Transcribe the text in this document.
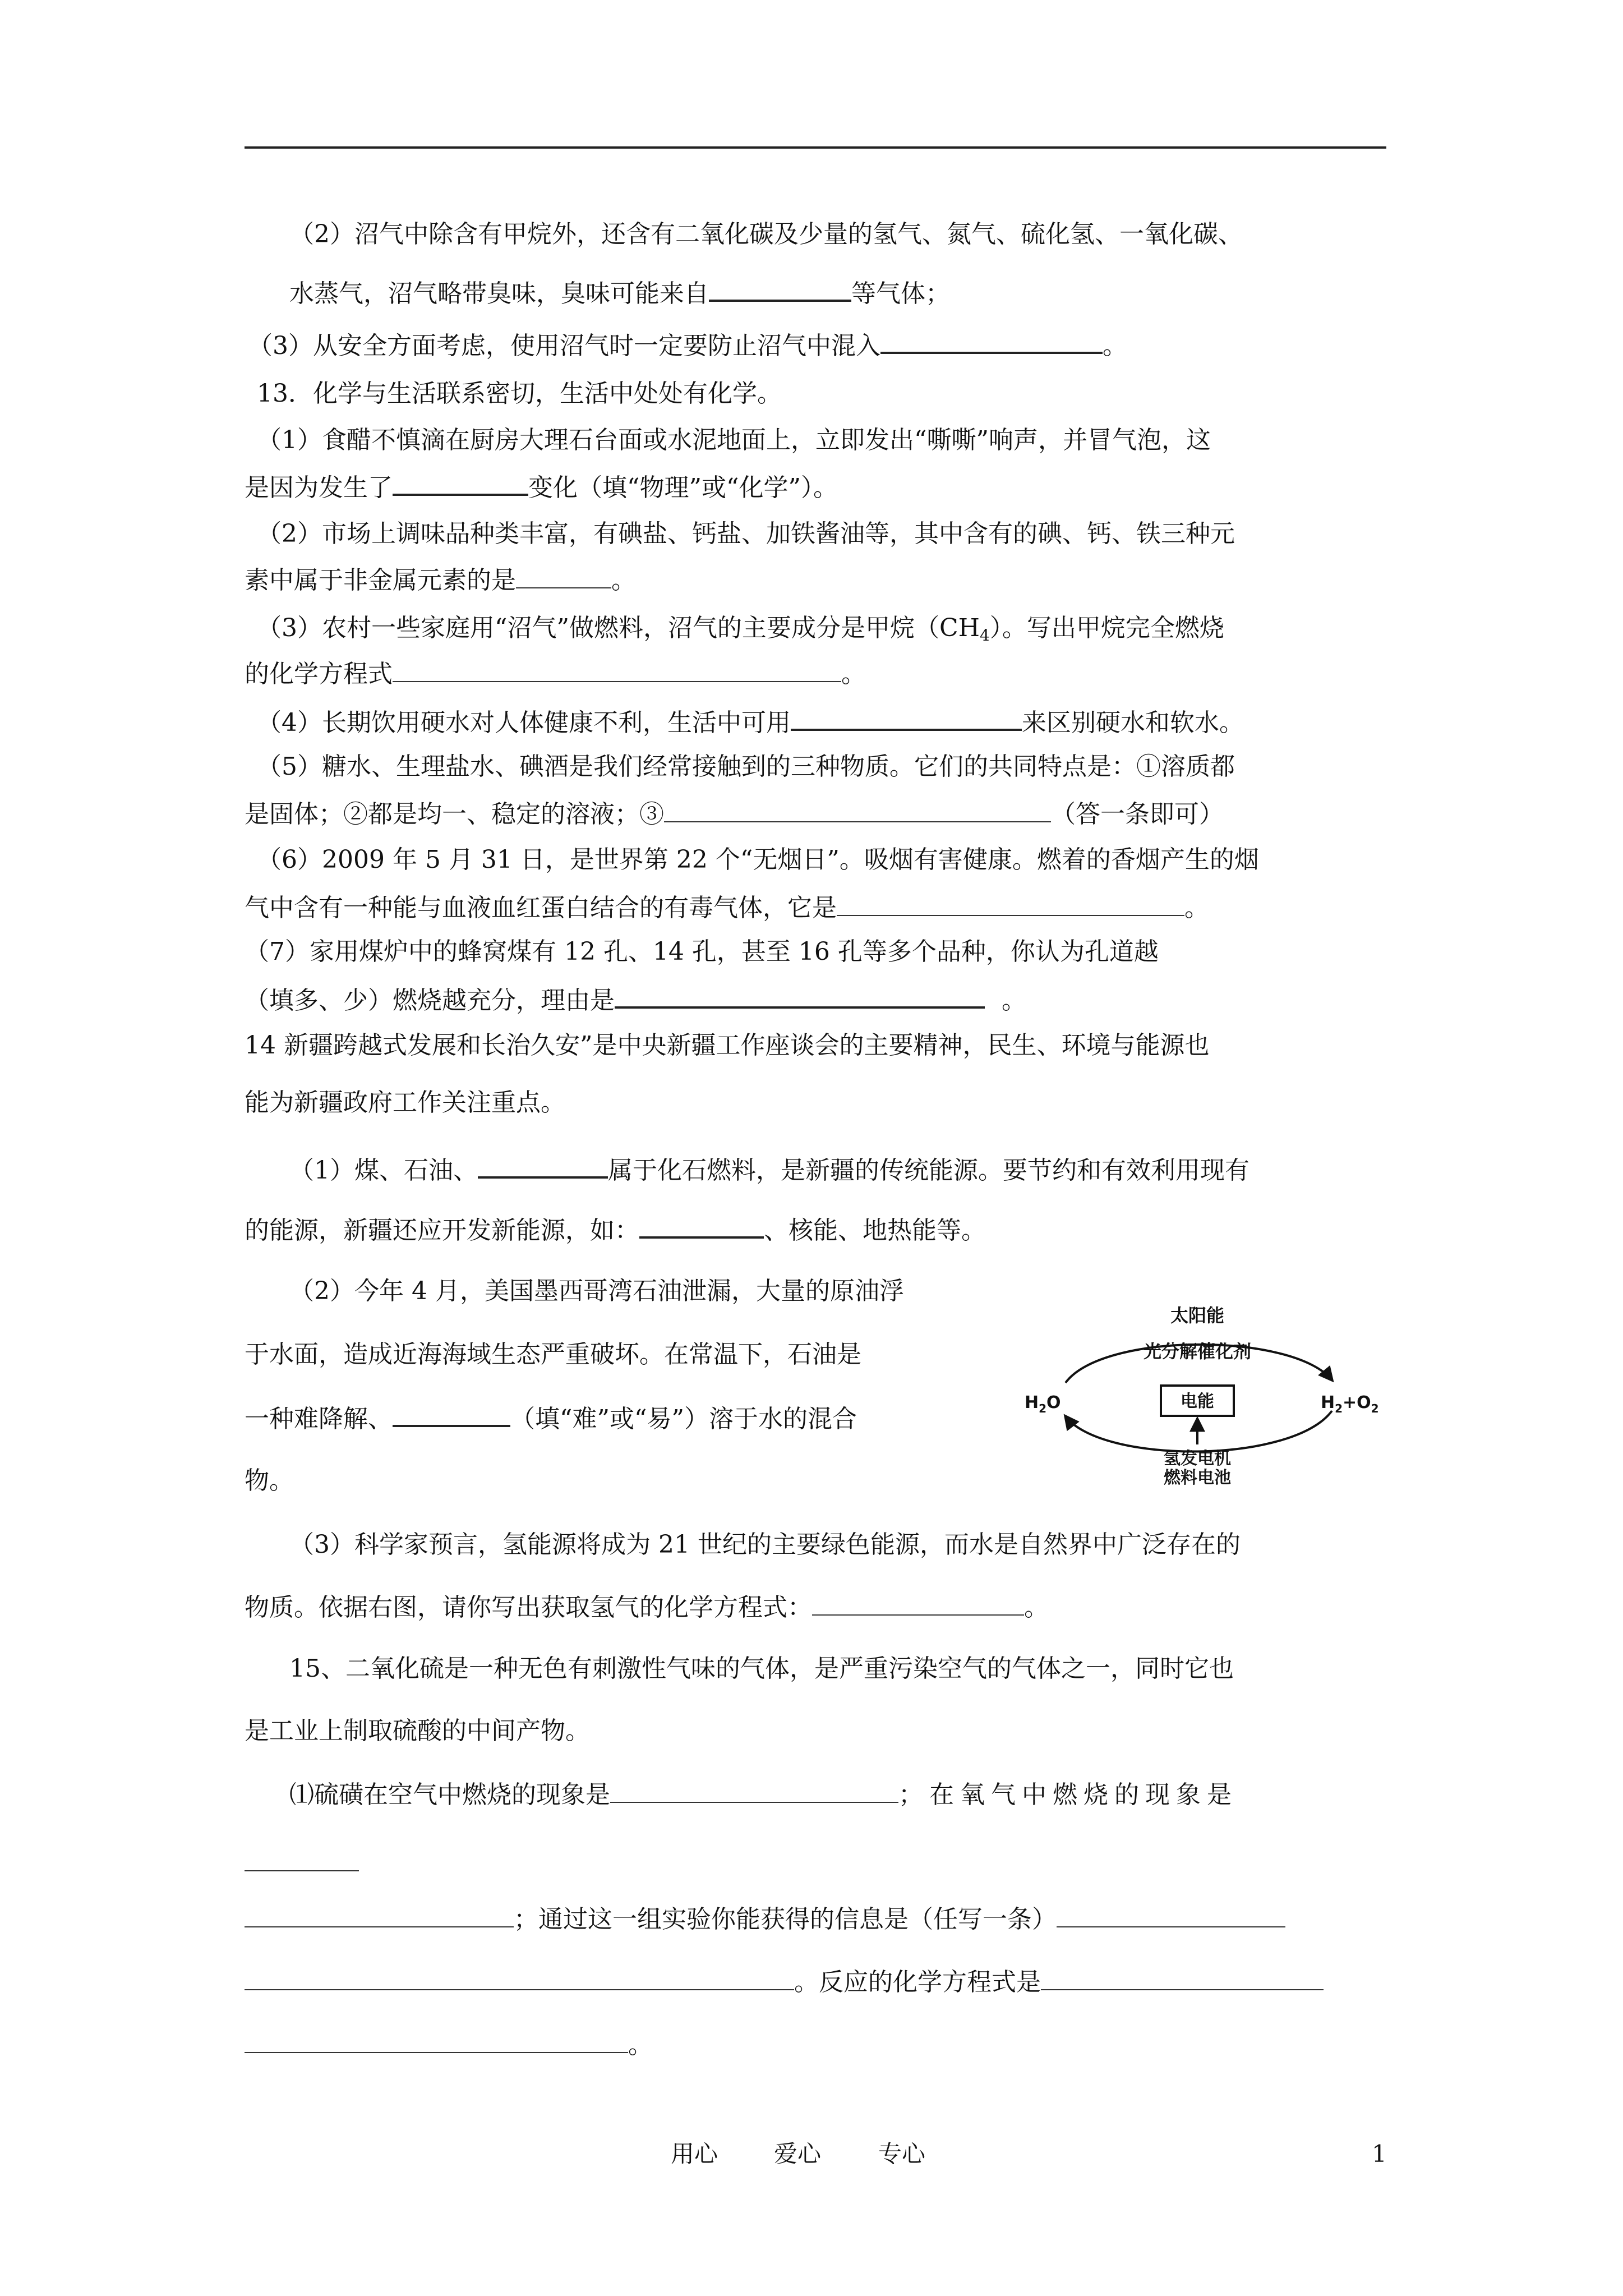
（2）沼气中除含有甲烷外，还含有二氧化碳及少量的氢气、氮气、硫化氢、一氧化碳、
水蒸气，沼气略带臭味，臭味可能来自	等气体；
（3）从安全方面考虑，使用沼气时一定要防止沼气中混入	。
13．化学与生活联系密切，生活中处处有化学。
（1）食醋不慎滴在厨房大理石台面或水泥地面上，立即发出“嘶嘶”响声，并冒气泡，这
是因为发生了	变化（填“物理”或“化学”）。
（2）市场上调味品种类丰富，有碘盐、钙盐、加铁酱油等，其中含有的碘、钙、铁三种元
素中属于非金属元素的是	。
（3）农村一些家庭用“沼气”做燃料，沼气的主要成分是甲烷$(CH_4)$。写出甲烷完全燃烧
的化学方程式	。
（4）长期饮用硬水对人体健康不利，生活中可用	来区别硬水和软水。
（5）糖水、生理盐水、碘酒是我们经常接触到的三种物质。它们的共同特点是：①溶质都
是固体；②都是均一、稳定的溶液；③	（答一条即可）
（6）2009 年 5 月 31 日，是世界第 22 个“无烟日”。吸烟有害健康。燃着的香烟产生的烟
气中含有一种能与血液血红蛋白结合的有毒气体，它是	。
（7）家用煤炉中的蜂窝煤有 12 孔、14 孔，甚至 16 孔等多个品种，你认为孔道越
（填多、少）燃烧越充分，理由是	。
14 新疆跨越式发展和长治久安”是中央新疆工作座谈会的主要精神，民生、环境与能源也
能为新疆政府工作关注重点。
（1）煤、石油、	属于化石燃料，是新疆的传统能源。要节约和有效利用现有
的能源，新疆还应开发新能源，如：	、核能、地热能等。
（2）今年 4 月，美国墨西哥湾石油泄漏，大量的原油浮
于水面，造成近海海域生态严重破坏。在常温下，石油是
一种难降解、	（填“难”或“易”）溶于水的混合
物。
太阳能
光分解催化剂
电能
氢发电机
燃料电池
$H_2O$	$H_2+O_2$
（3）科学家预言，氢能源将成为 21 世纪的主要绿色能源，而水是自然界中广泛存在的
物质。依据右图，请你写出获取氢气的化学方程式：	。
15、二氧化硫是一种无色有刺激性气味的气体，是严重污染空气的气体之一，同时它也
是工业上制取硫酸的中间产物。
⑴硫磺在空气中燃烧的现象是	；在氧气中燃烧的现象是
；通过这一组实验你能获得的信息是（任写一条）
。反应的化学方程式是
。
用心 爱心 专心	1
